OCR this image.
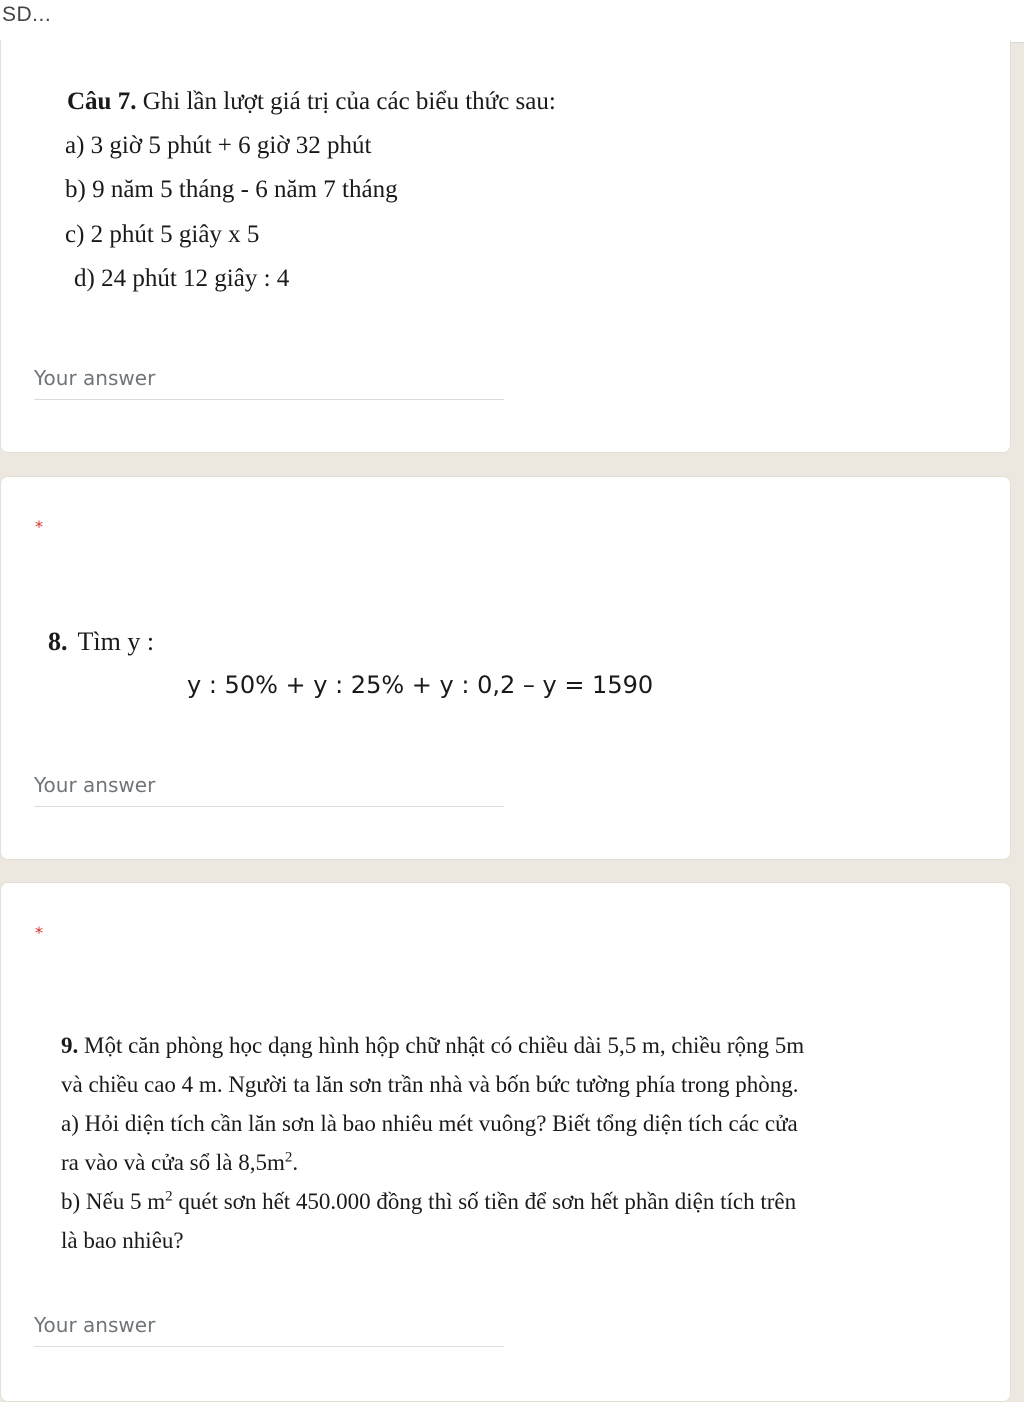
SD...
Câu 7. Ghi lần lượt giá trị của các biểu thức sau:
a) 3 giờ 5 phút + 6 giờ 32 phút
b) 9 năm 5 tháng - 6 năm 7 tháng
c) 2 phút 5 giây x 5
d) 24 phút 12 giây : 4
Your answer
*
8. Tìm y :
y : 50% + y : 25% + y : 0,2 – y = 1590
Your answer
*
9. Một căn phòng học dạng hình hộp chữ nhật có chiều dài 5,5 m, chiều rộng 5m
và chiều cao 4 m. Người ta lăn sơn trần nhà và bốn bức tường phía trong phòng.
a) Hỏi diện tích cần lăn sơn là bao nhiêu mét vuông? Biết tổng diện tích các cửa
ra vào và cửa sổ là $8,5m^2$.
b) Nếu 5 $m^2$ quét sơn hết 450.000 đồng thì số tiền để sơn hết phần diện tích trên
là bao nhiêu?
Your answer
